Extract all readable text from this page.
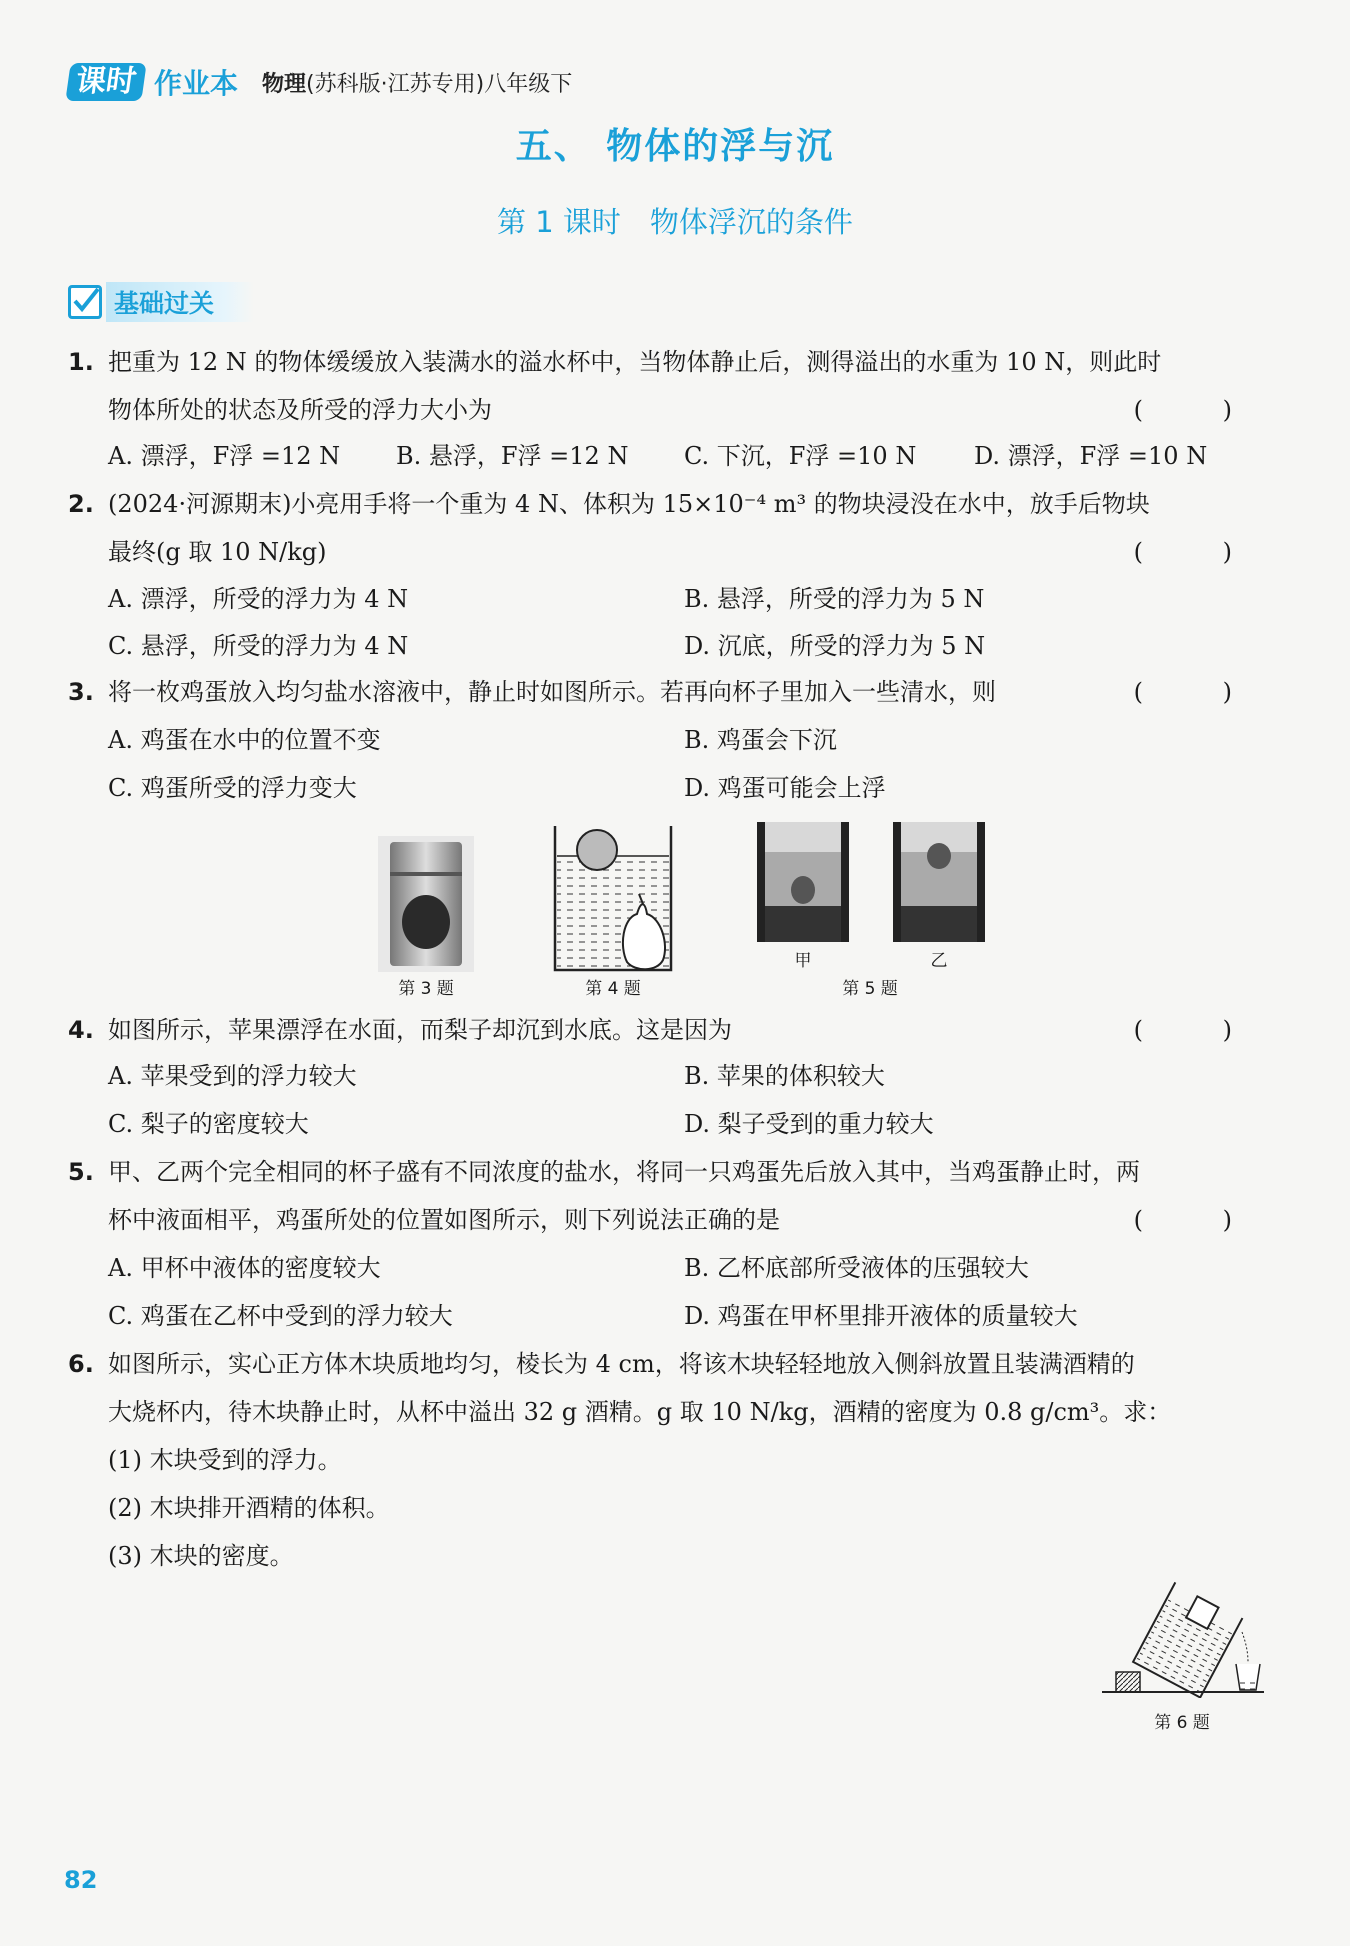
课时 作业本 物理(苏科版·江苏专用)八年级下
五、 物体的浮与沉
第 1 课时　物体浮沉的条件
基础过关
1. 把重为 12 N 的物体缓缓放入装满水的溢水杯中，当物体静止后，测得溢出的水重为 10 N，则此时
物体所处的状态及所受的浮力大小为	( )
A. 漂浮，F浮 =12 N B. 悬浮，F浮 =12 N C. 下沉，F浮 =10 N D. 漂浮，F浮 =10 N
2. (2024·河源期末)小亮用手将一个重为 4 N、体积为 15×10⁻⁴ m³ 的物块浸没在水中，放手后物块
最终(g 取 10 N/kg)	( )
A. 漂浮，所受的浮力为 4 N	B. 悬浮，所受的浮力为 5 N
C. 悬浮，所受的浮力为 4 N	D. 沉底，所受的浮力为 5 N
3. 将一枚鸡蛋放入均匀盐水溶液中，静止时如图所示。若再向杯子里加入一些清水，则	( )
A. 鸡蛋在水中的位置不变	B. 鸡蛋会下沉
C. 鸡蛋所受的浮力变大	D. 鸡蛋可能会上浮
第 3 题	第 4 题
甲	乙
第 5 题
4. 如图所示，苹果漂浮在水面，而梨子却沉到水底。这是因为	( )
A. 苹果受到的浮力较大	B. 苹果的体积较大
C. 梨子的密度较大	D. 梨子受到的重力较大
5. 甲、乙两个完全相同的杯子盛有不同浓度的盐水，将同一只鸡蛋先后放入其中，当鸡蛋静止时，两
杯中液面相平，鸡蛋所处的位置如图所示，则下列说法正确的是	( )
A. 甲杯中液体的密度较大	B. 乙杯底部所受液体的压强较大
C. 鸡蛋在乙杯中受到的浮力较大	D. 鸡蛋在甲杯里排开液体的质量较大
6. 如图所示，实心正方体木块质地均匀，棱长为 4 cm，将该木块轻轻地放入侧斜放置且装满酒精的
大烧杯内，待木块静止时，从杯中溢出 32 g 酒精。g 取 10 N/kg，酒精的密度为 0.8 g/cm³。求：
(1) 木块受到的浮力。
(2) 木块排开酒精的体积。
(3) 木块的密度。
第 6 题
82
